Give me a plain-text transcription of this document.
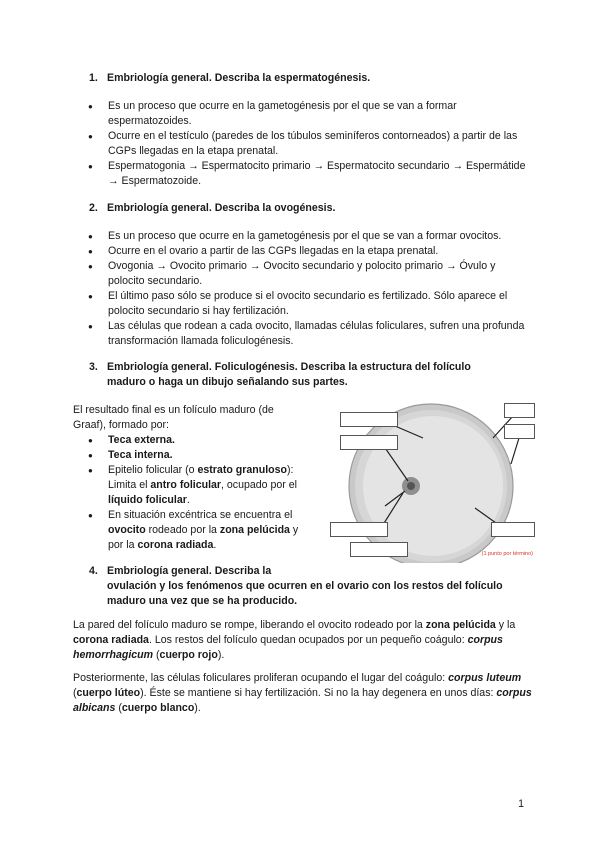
1. Embriología general. Describa la espermatogénesis.
● Es un proceso que ocurre en la gametogénesis por el que se van a formar espermatozoides.
● Ocurre en el testículo (paredes de los túbulos seminíferos contorneados) a partir de las CGPs llegadas en la etapa prenatal.
● Espermatogonia → Espermatocito primario → Espermatocito secundario → Espermátide → Espermatozoide.
2. Embriología general. Describa la ovogénesis.
● Es un proceso que ocurre en la gametogénesis por el que se van a formar ovocitos.
● Ocurre en el ovario a partir de las CGPs llegadas en la etapa prenatal.
● Ovogonia → Ovocito primario → Ovocito secundario y polocito primario → Óvulo y polocito secundario.
● El último paso sólo se produce si el ovocito secundario es fertilizado. Sólo aparece el polocito secundario si hay fertilización.
● Las células que rodean a cada ovocito, llamadas células foliculares, sufren una profunda transformación llamada foliculogénesis.
3. Embriología general. Foliculogénesis. Describa la estructura del folículo
maduro o haga un dibujo señalando sus partes.
El resultado final es un folículo maduro (de Graaf), formado por:
● Teca externa.
● Teca interna.
● Epitelio folicular (o estrato granuloso): Limita el antro folicular, ocupado por el líquido folicular.
● En situación excéntrica se encuentra el ovocito rodeado por la zona pelúcida y por la corona radiada.
(1 punto por término)
4. Embriología general. Describa la
ovulación y los fenómenos que ocurren en el ovario con los restos del folículo
maduro una vez que se ha producido.

La pared del folículo maduro se rompe, liberando el ovocito rodeado por la zona pelúcida y la corona radiada. Los restos del folículo quedan ocupados por un pequeño coágulo: corpus hemorrhagicum (cuerpo rojo).

Posteriormente, las células foliculares proliferan ocupando el lugar del coágulo: corpus luteum (cuerpo lúteo). Éste se mantiene si hay fertilización. Si no la hay degenera en unos días: corpus albicans (cuerpo blanco).

1
